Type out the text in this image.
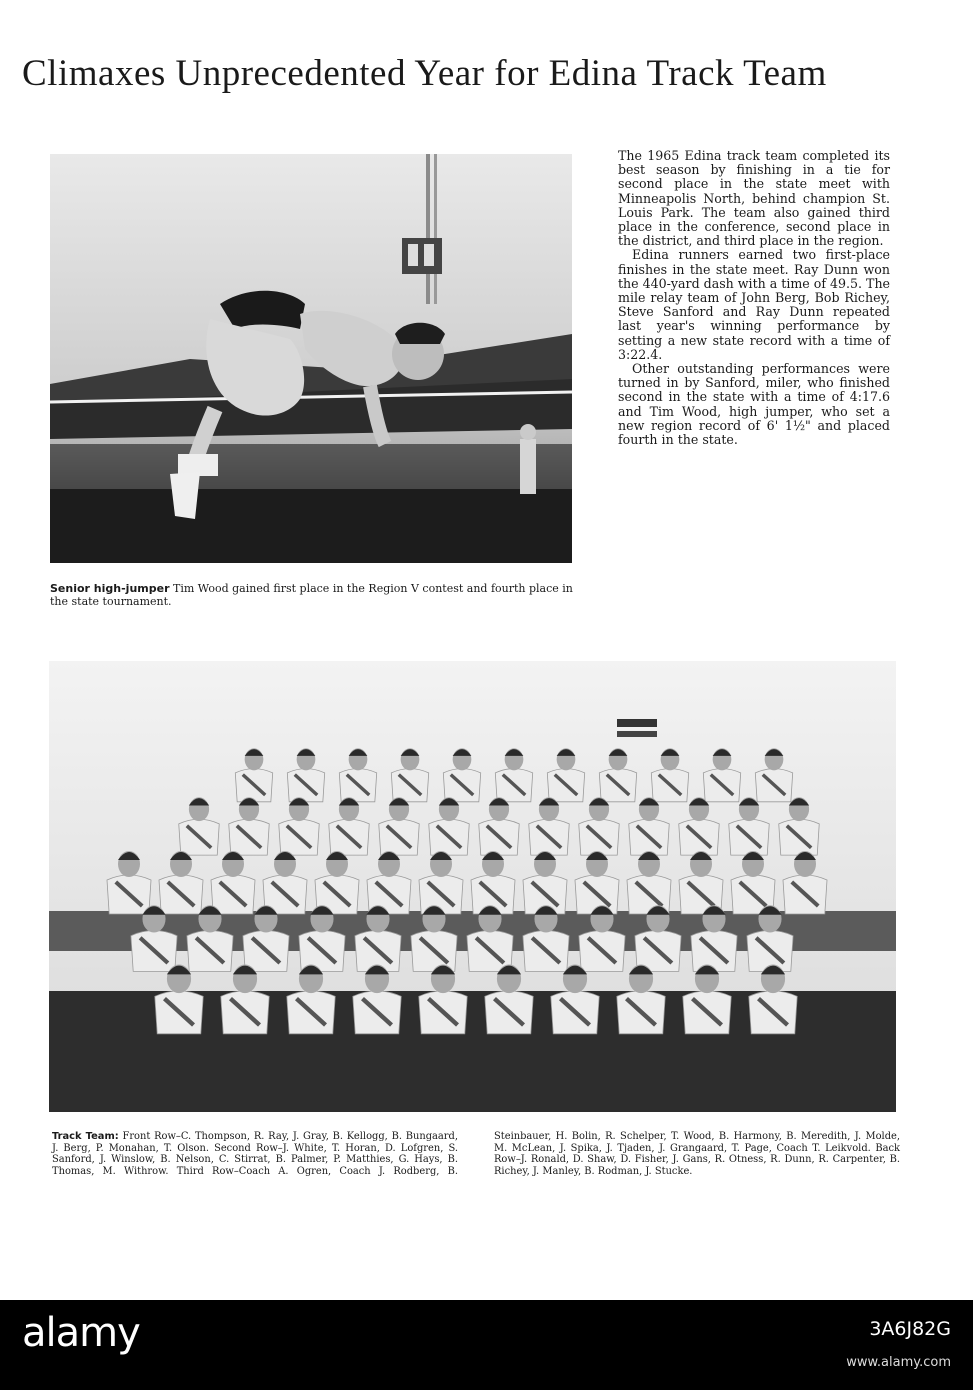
Climaxes Unprecedented Year for Edina Track Team

The 1965 Edina track team completed its best season by finishing in a tie for second place in the state meet with Minneapolis North, behind champion St. Louis Park. The team also gained third place in the conference, second place in the district, and third place in the region.

Edina runners earned two first-place finishes in the state meet. Ray Dunn won the 440-yard dash with a time of 49.5. The mile relay team of John Berg, Bob Richey, Steve Sanford and Ray Dunn repeated last year's winning performance by setting a new state record with a time of 3:22.4.

Other outstanding performances were turned in by Sanford, miler, who finished second in the state with a time of 4:17.6 and Tim Wood, high jumper, who set a new region record of 6' 1½" and placed fourth in the state.

Senior high-jumper Tim Wood gained first place in the Region V contest and fourth place in the state tournament.
Track Team: Front Row–C. Thompson, R. Ray, J. Gray, B. Kellogg, B. Bungaard, J. Berg, P. Monahan, T. Olson. Second Row–J. White, T. Horan, D. Lofgren, S. Sanford, J. Winslow, B. Nelson, C. Stirrat, B. Palmer, P. Matthies, G. Hays, B. Thomas, M. Withrow. Third Row–Coach A. Ogren, Coach J. Rodberg, B. Steinbauer, H. Bolin, R. Schelper, T. Wood, B. Harmony, B. Meredith, J. Molde, M. McLean, J. Spika, J. Tjaden, J. Grangaard, T. Page, Coach T. Leikvold. Back Row–J. Ronald, D. Shaw, D. Fisher, J. Gans, R. Otness, R. Dunn, R. Carpenter, B. Richey, J. Manley, B. Rodman, J. Stucke.
alamy	3A6J82G
www.alamy.com
